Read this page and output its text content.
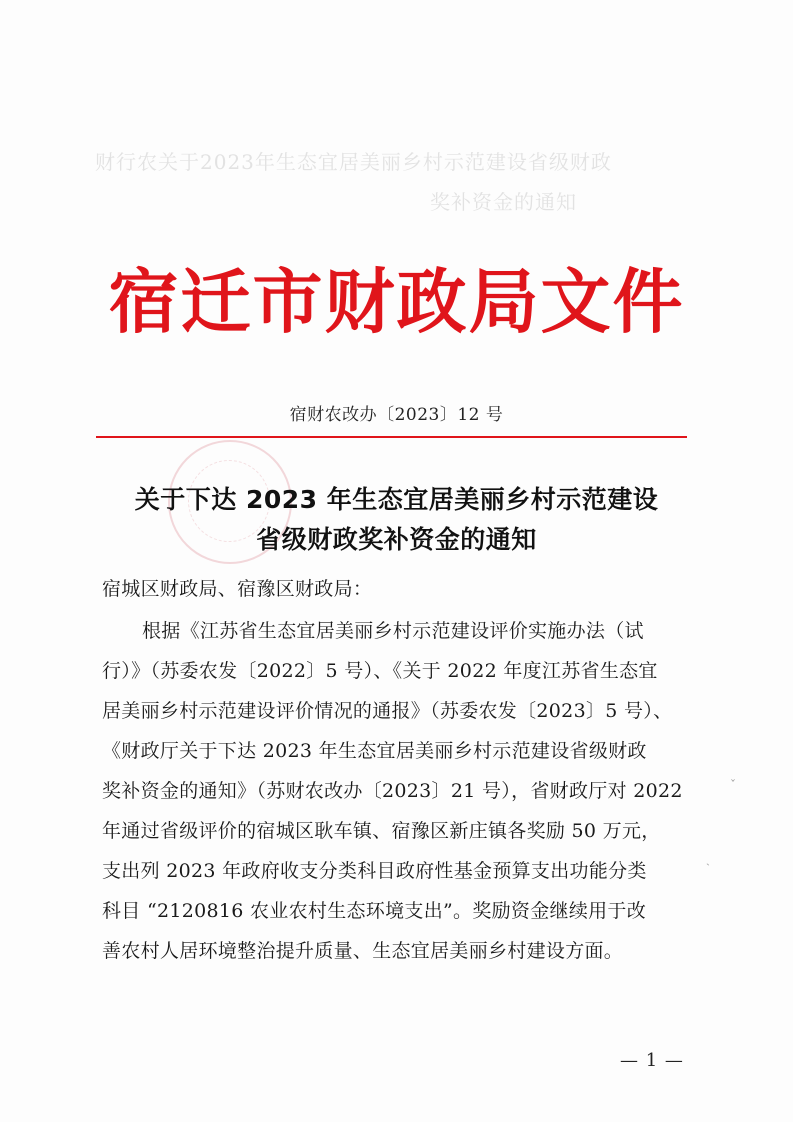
财行农关于2023年生态宜居美丽乡村示范建设省级财政
奖补资金的通知
宿迁市财政局文件
宿财农改办〔2023〕12 号
关于下达 2023 年生态宜居美丽乡村示范建设
省级财政奖补资金的通知
宿城区财政局、宿豫区财政局：
根据《江苏省生态宜居美丽乡村示范建设评价实施办法（试
行）》（苏委农发〔2022〕5 号）、《关于 2022 年度江苏省生态宜
居美丽乡村示范建设评价情况的通报》（苏委农发〔2023〕5 号）、
《财政厅关于下达 2023 年生态宜居美丽乡村示范建设省级财政
奖补资金的通知》（苏财农改办〔2023〕21 号），省财政厅对 2022
年通过省级评价的宿城区耿车镇、宿豫区新庄镇各奖励 50 万元，
支出列 2023 年政府收支分类科目政府性基金预算支出功能分类
科目 “2120816 农业农村生态环境支出”。奖励资金继续用于改
善农村人居环境整治提升质量、生态宜居美丽乡村建设方面。
ˇ
ˏ
— 1 —
